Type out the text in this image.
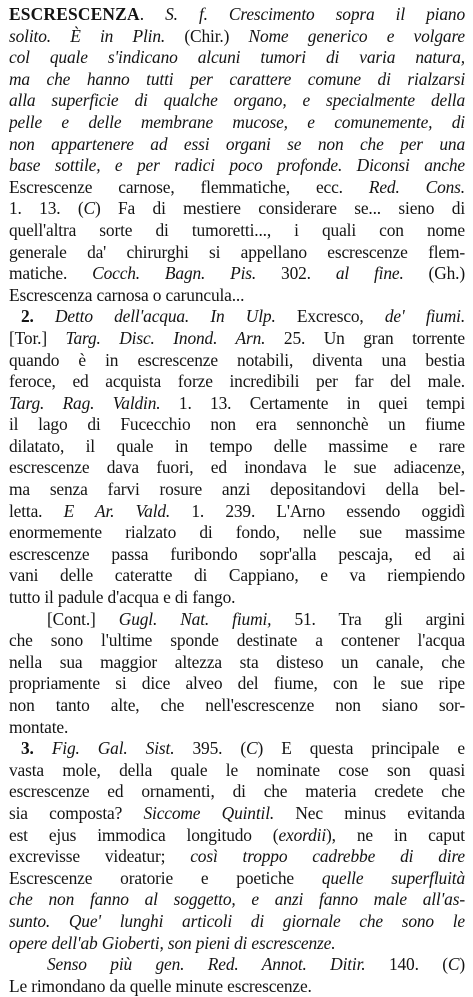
ESCRESCENZA. S. f. Crescimento sopra il piano
solito. È in Plin. (Chir.) Nome generico e volgare
col quale s'indicano alcuni tumori di varia natura,
ma che hanno tutti per carattere comune di rialzarsi
alla superficie di qualche organo, e specialmente della
pelle e delle membrane mucose, e comunemente, di
non appartenere ad essi organi se non che per una
base sottile, e per radici poco profonde. Diconsi anche
Escrescenze carnose, flemmatiche, ecc. Red. Cons.
1. 13. (C) Fa di mestiere considerare se... sieno di
quell'altra sorte di tumoretti..., i quali con nome
generale da' chirurghi si appellano escrescenze flem-
matiche. Cocch. Bagn. Pis. 302. al fine. (Gh.)
Escrescenza carnosa o caruncula...
2. Detto dell'acqua. In Ulp. Excresco, de' fiumi.
[Tor.] Targ. Disc. Inond. Arn. 25. Un gran torrente
quando è in escrescenze notabili, diventa una bestia
feroce, ed acquista forze incredibili per far del male.
Targ. Rag. Valdin. 1. 13. Certamente in quei tempi
il lago di Fucecchio non era sennonchè un fiume
dilatato, il quale in tempo delle massime e rare
escrescenze dava fuori, ed inondava le sue adiacenze,
ma senza farvi rosure anzi depositandovi della bel-
letta. E Ar. Vald. 1. 239. L'Arno essendo oggidì
enormemente rialzato di fondo, nelle sue massime
escrescenze passa furibondo sopr'alla pescaja, ed ai
vani delle cateratte di Cappiano, e va riempiendo
tutto il padule d'acqua e di fango.
[Cont.] Gugl. Nat. fiumi, 51. Tra gli argini
che sono l'ultime sponde destinate a contener l'acqua
nella sua maggior altezza sta disteso un canale, che
propriamente si dice alveo del fiume, con le sue ripe
non tanto alte, che nell'escrescenze non siano sor-
montate.
3. Fig. Gal. Sist. 395. (C) E questa principale e
vasta mole, della quale le nominate cose son quasi
escrescenze ed ornamenti, di che materia credete che
sia composta? Siccome Quintil. Nec minus evitanda
est ejus immodica longitudo (exordii), ne in caput
excrevisse videatur; così troppo cadrebbe di dire
Escrescenze oratorie e poetiche quelle superfluità
che non fanno al soggetto, e anzi fanno male all'as-
sunto. Que' lunghi articoli di giornale che sono le
opere dell'ab Gioberti, son pieni di escrescenze.
Senso più gen. Red. Annot. Ditir. 140. (C)
Le rimondano da quelle minute escrescenze.
